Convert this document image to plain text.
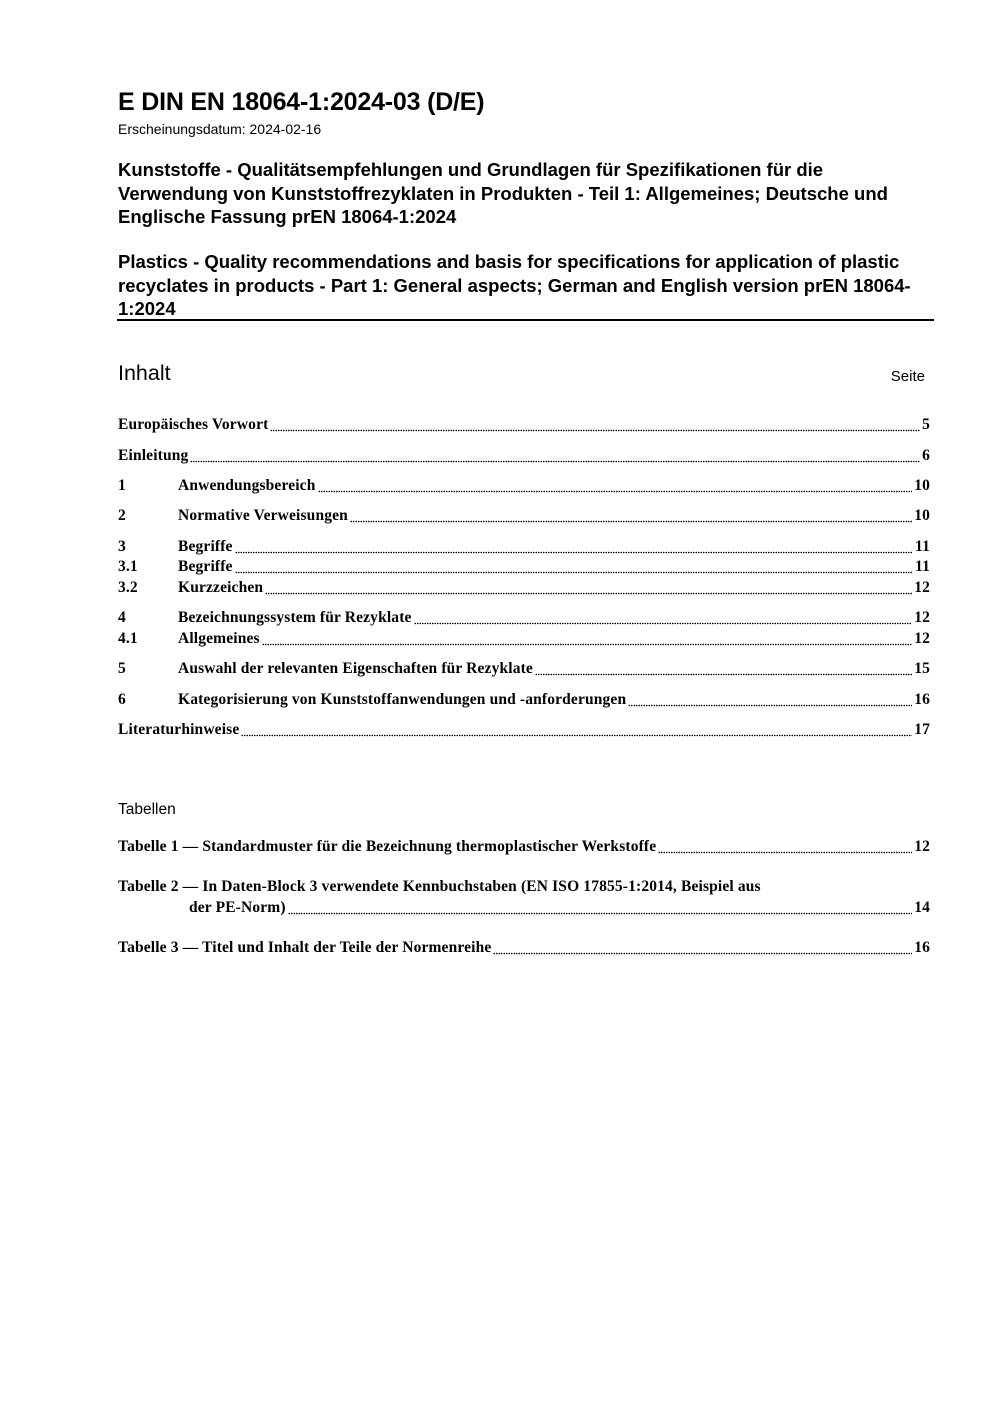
E DIN EN 18064-1:2024-03 (D/E)
Erscheinungsdatum: 2024-02-16
Kunststoffe - Qualitätsempfehlungen und Grundlagen für Spezifikationen für die Verwendung von Kunststoffrezyklaten in Produkten - Teil 1: Allgemeines; Deutsche und Englische Fassung prEN 18064-1:2024
Plastics - Quality recommendations and basis for specifications for application of plastic recyclates in products - Part 1: General aspects; German and English version prEN 18064-1:2024
Inhalt	Seite
Europäisches Vorwort	5
Einleitung	6
1	Anwendungsbereich	10
2	Normative Verweisungen	10
3	Begriffe	11
3.1	Begriffe	11
3.2	Kurzzeichen	12
4	Bezeichnungssystem für Rezyklate	12
4.1	Allgemeines	12
5	Auswahl der relevanten Eigenschaften für Rezyklate	15
6	Kategorisierung von Kunststoffanwendungen und -anforderungen	16
Literaturhinweise	17
Tabellen
Tabelle 1 — Standardmuster für die Bezeichnung thermoplastischer Werkstoffe	12
Tabelle 2 — In Daten-Block 3 verwendete Kennbuchstaben (EN ISO 17855-1:2014, Beispiel aus
der PE-Norm)	14
Tabelle 3 — Titel und Inhalt der Teile der Normenreihe	16
